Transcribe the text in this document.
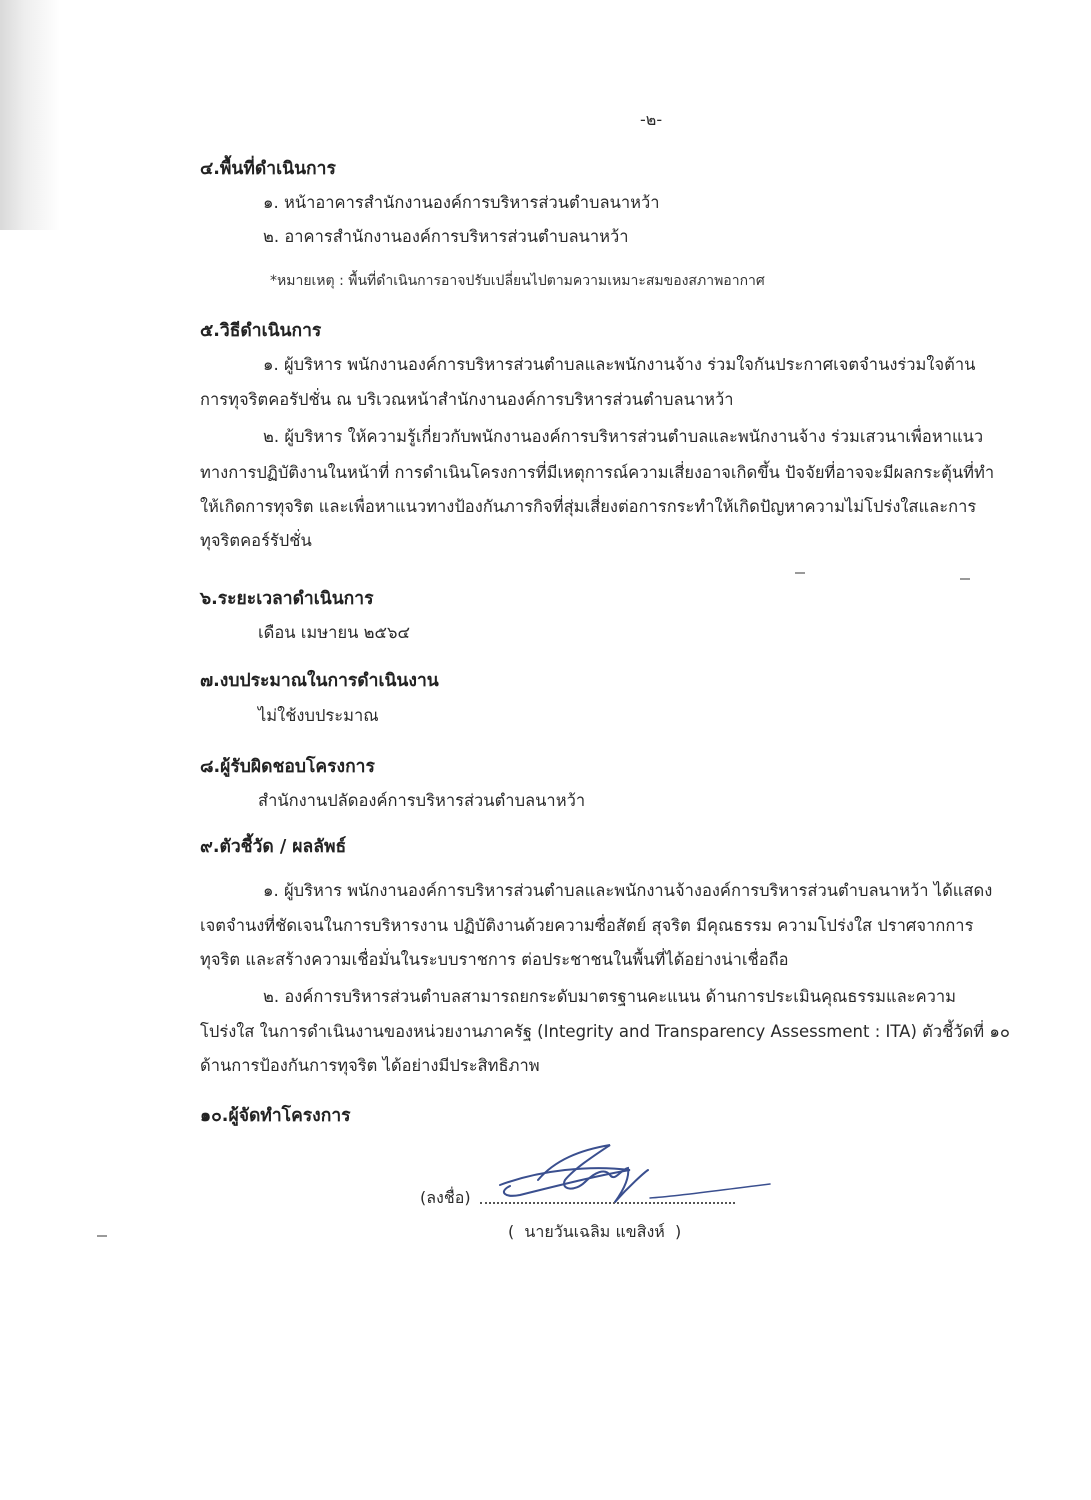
-๒-
๔.พื้นที่ดำเนินการ
๑. หน้าอาคารสำนักงานองค์การบริหารส่วนตำบลนาหว้า
๒. อาคารสำนักงานองค์การบริหารส่วนตำบลนาหว้า
*หมายเหตุ : พื้นที่ดำเนินการอาจปรับเปลี่ยนไปตามความเหมาะสมของสภาพอากาศ
๕.วิธีดำเนินการ
๑. ผู้บริหาร พนักงานองค์การบริหารส่วนตำบลและพนักงานจ้าง ร่วมใจกันประกาศเจตจำนงร่วมใจต้าน
การทุจริตคอรัปชั่น ณ บริเวณหน้าสำนักงานองค์การบริหารส่วนตำบลนาหว้า
๒. ผู้บริหาร ให้ความรู้เกี่ยวกับพนักงานองค์การบริหารส่วนตำบลและพนักงานจ้าง ร่วมเสวนาเพื่อหาแนว
ทางการปฏิบัติงานในหน้าที่ การดำเนินโครงการที่มีเหตุการณ์ความเสี่ยงอาจเกิดขึ้น ปัจจัยที่อาจจะมีผลกระตุ้นที่ทำ
ให้เกิดการทุจริต และเพื่อหาแนวทางป้องกันภารกิจที่สุ่มเสี่ยงต่อการกระทำให้เกิดปัญหาความไม่โปร่งใสและการ
ทุจริตคอร์รัปชั่น
๖.ระยะเวลาดำเนินการ
เดือน เมษายน ๒๕๖๔
๗.งบประมาณในการดำเนินงาน
ไม่ใช้งบประมาณ
๘.ผู้รับผิดชอบโครงการ
สำนักงานปลัดองค์การบริหารส่วนตำบลนาหว้า
๙.ตัวชี้วัด / ผลลัพธ์
๑. ผู้บริหาร พนักงานองค์การบริหารส่วนตำบลและพนักงานจ้างองค์การบริหารส่วนตำบลนาหว้า ได้แสดง
เจตจำนงที่ชัดเจนในการบริหารงาน ปฏิบัติงานด้วยความซื่อสัตย์ สุจริต มีคุณธรรม ความโปร่งใส ปราศจากการ
ทุจริต และสร้างความเชื่อมั่นในระบบราชการ ต่อประชาชนในพื้นที่ได้อย่างน่าเชื่อถือ
๒. องค์การบริหารส่วนตำบลสามารถยกระดับมาตรฐานคะแนน ด้านการประเมินคุณธรรมและความ
โปร่งใส ในการดำเนินงานของหน่วยงานภาครัฐ (Integrity and Transparency Assessment : ITA) ตัวชี้วัดที่ ๑๐
ด้านการป้องกันการทุจริต ได้อย่างมีประสิทธิภาพ
๑๐.ผู้จัดทำโครงการ
(ลงชื่อ)
(  นายวันเฉลิม แขสิงห์  )
